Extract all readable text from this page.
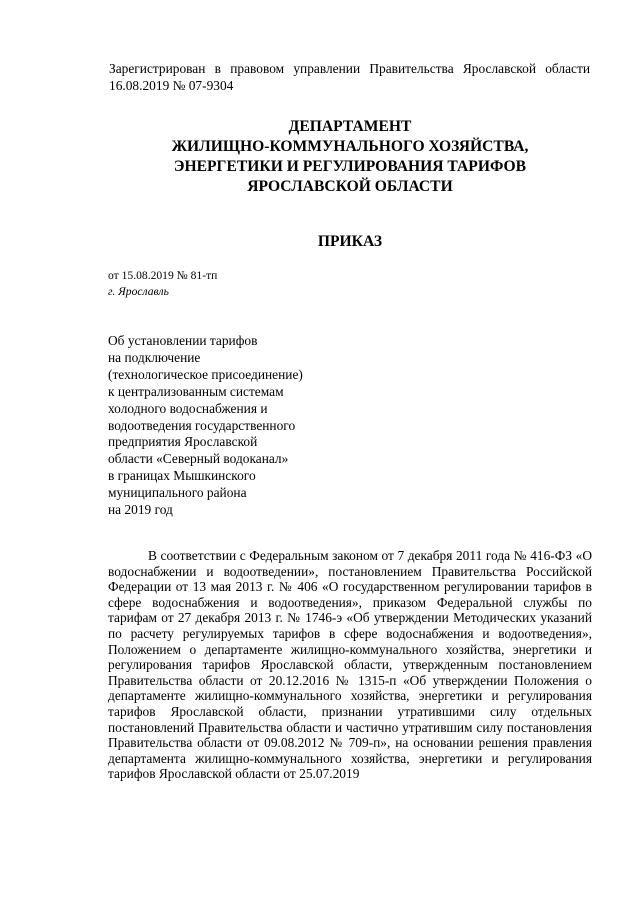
Зарегистрирован в правовом управлении Правительства Ярославской области 16.08.2019 № 07-9304
ДЕПАРТАМЕНТ
ЖИЛИЩНО-КОММУНАЛЬНОГО ХОЗЯЙСТВА,
ЭНЕРГЕТИКИ И РЕГУЛИРОВАНИЯ ТАРИФОВ
ЯРОСЛАВСКОЙ ОБЛАСТИ
ПРИКАЗ
от 15.08.2019 № 81-тп
г. Ярославль
Об установлении тарифов
на подключение
(технологическое присоединение)
к централизованным системам
холодного водоснабжения и
водоотведения государственного
предприятия Ярославской
области «Северный водоканал»
в границах Мышкинского
муниципального района
на 2019 год
В соответствии с Федеральным законом от 7 декабря 2011 года № 416-ФЗ «О водоснабжении и водоотведении», постановлением Правительства Российской Федерации от 13 мая 2013 г. № 406 «О государственном регулировании тарифов в сфере водоснабжения и водоотведения», приказом Федеральной службы по тарифам от 27 декабря 2013 г. № 1746-э «Об утверждении Методических указаний по расчету регулируемых тарифов в сфере водоснабжения и водоотведения», Положением о департаменте жилищно-коммунального хозяйства, энергетики и регулирования тарифов Ярославской области, утвержденным постановлением Правительства области от 20.12.2016 № 1315-п «Об утверждении Положения о департаменте жилищно-коммунального хозяйства, энергетики и регулирования тарифов Ярославской области, признании утратившими силу отдельных постановлений Правительства области и частично утратившим силу постановления Правительства области от 09.08.2012 № 709-п», на основании решения правления департамента жилищно-коммунального хозяйства, энергетики и регулирования тарифов Ярославской области от 25.07.2019
